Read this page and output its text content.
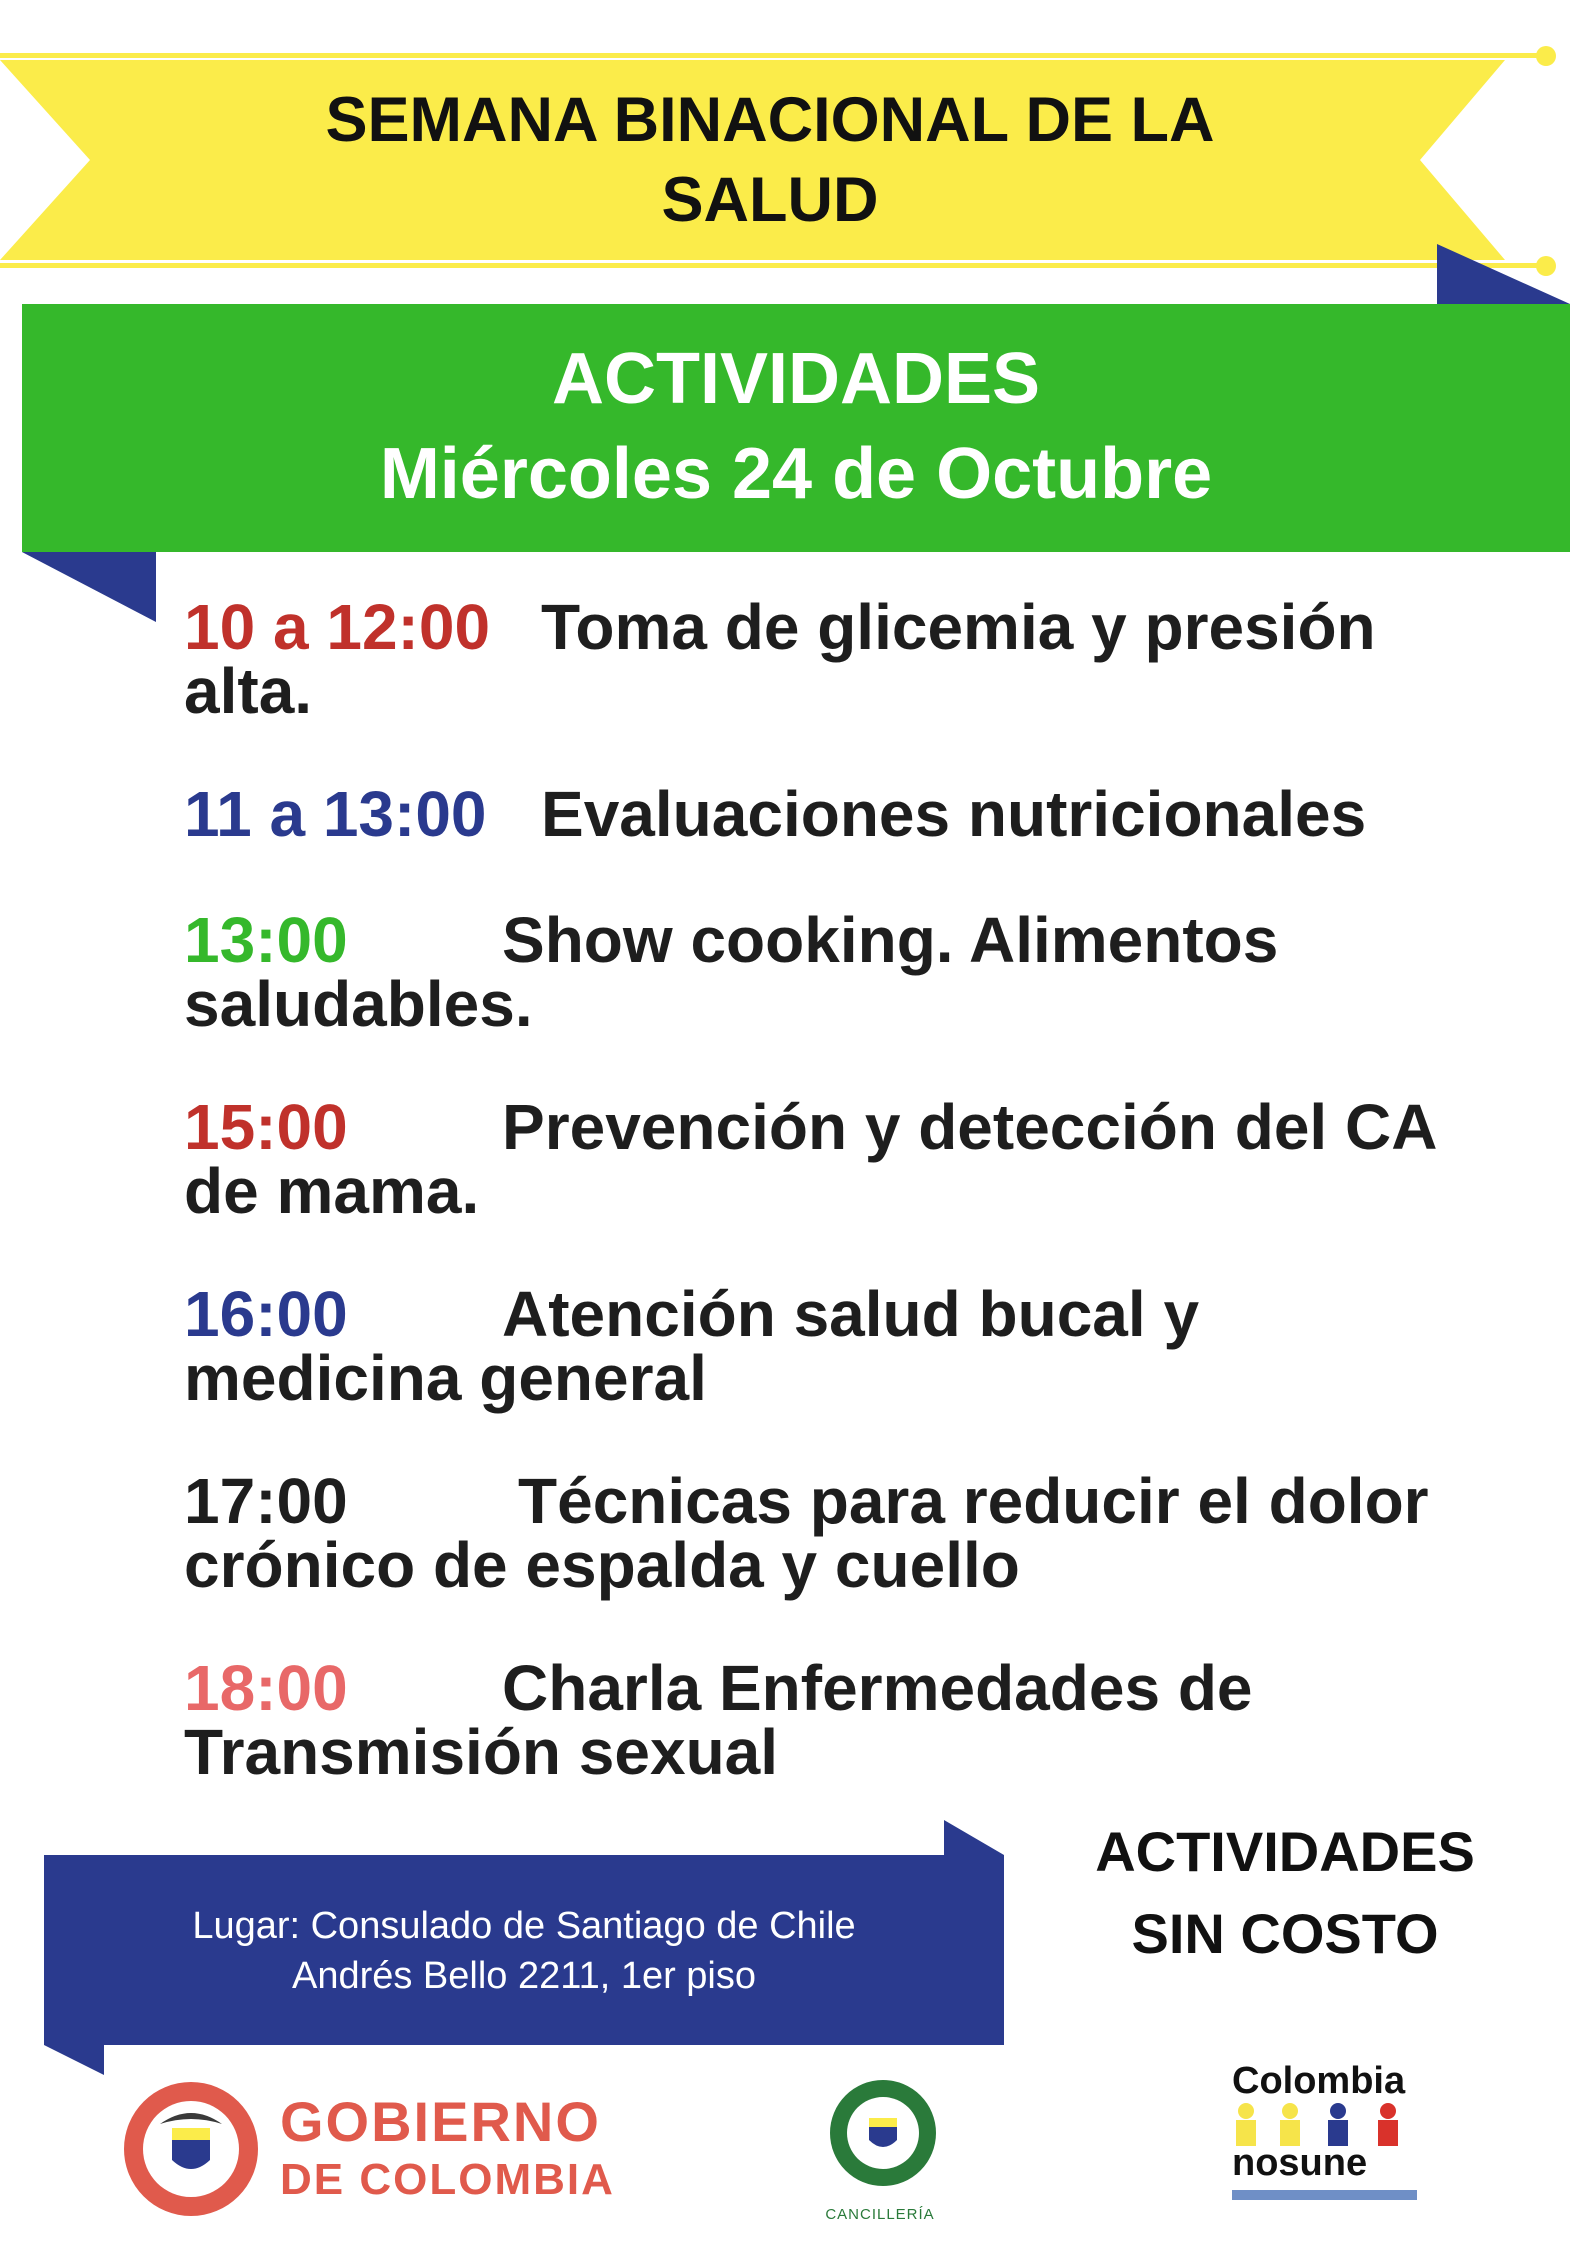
SEMANA BINACIONAL DE LA
SALUD
ACTIVIDADES
Miércoles 24 de Octubre
10 a 12:00 Toma de glicemia y presión
alta.
11 a 13:00 Evaluaciones nutricionales
13:00 Show cooking. Alimentos
saludables.
15:00 Prevención y detección del CA
de mama.
16:00 Atención salud bucal y
medicina general
17:00	Técnicas para reducir el dolor
crónico de espalda y cuello
18:00 Charla Enfermedades de
Transmisión sexual
Lugar: Consulado de Santiago de Chile
Andrés Bello 2211, 1er piso
ACTIVIDADES
SIN COSTO
GOBIERNO
DE COLOMBIA
CANCILLERÍA
Colombia
nosune
